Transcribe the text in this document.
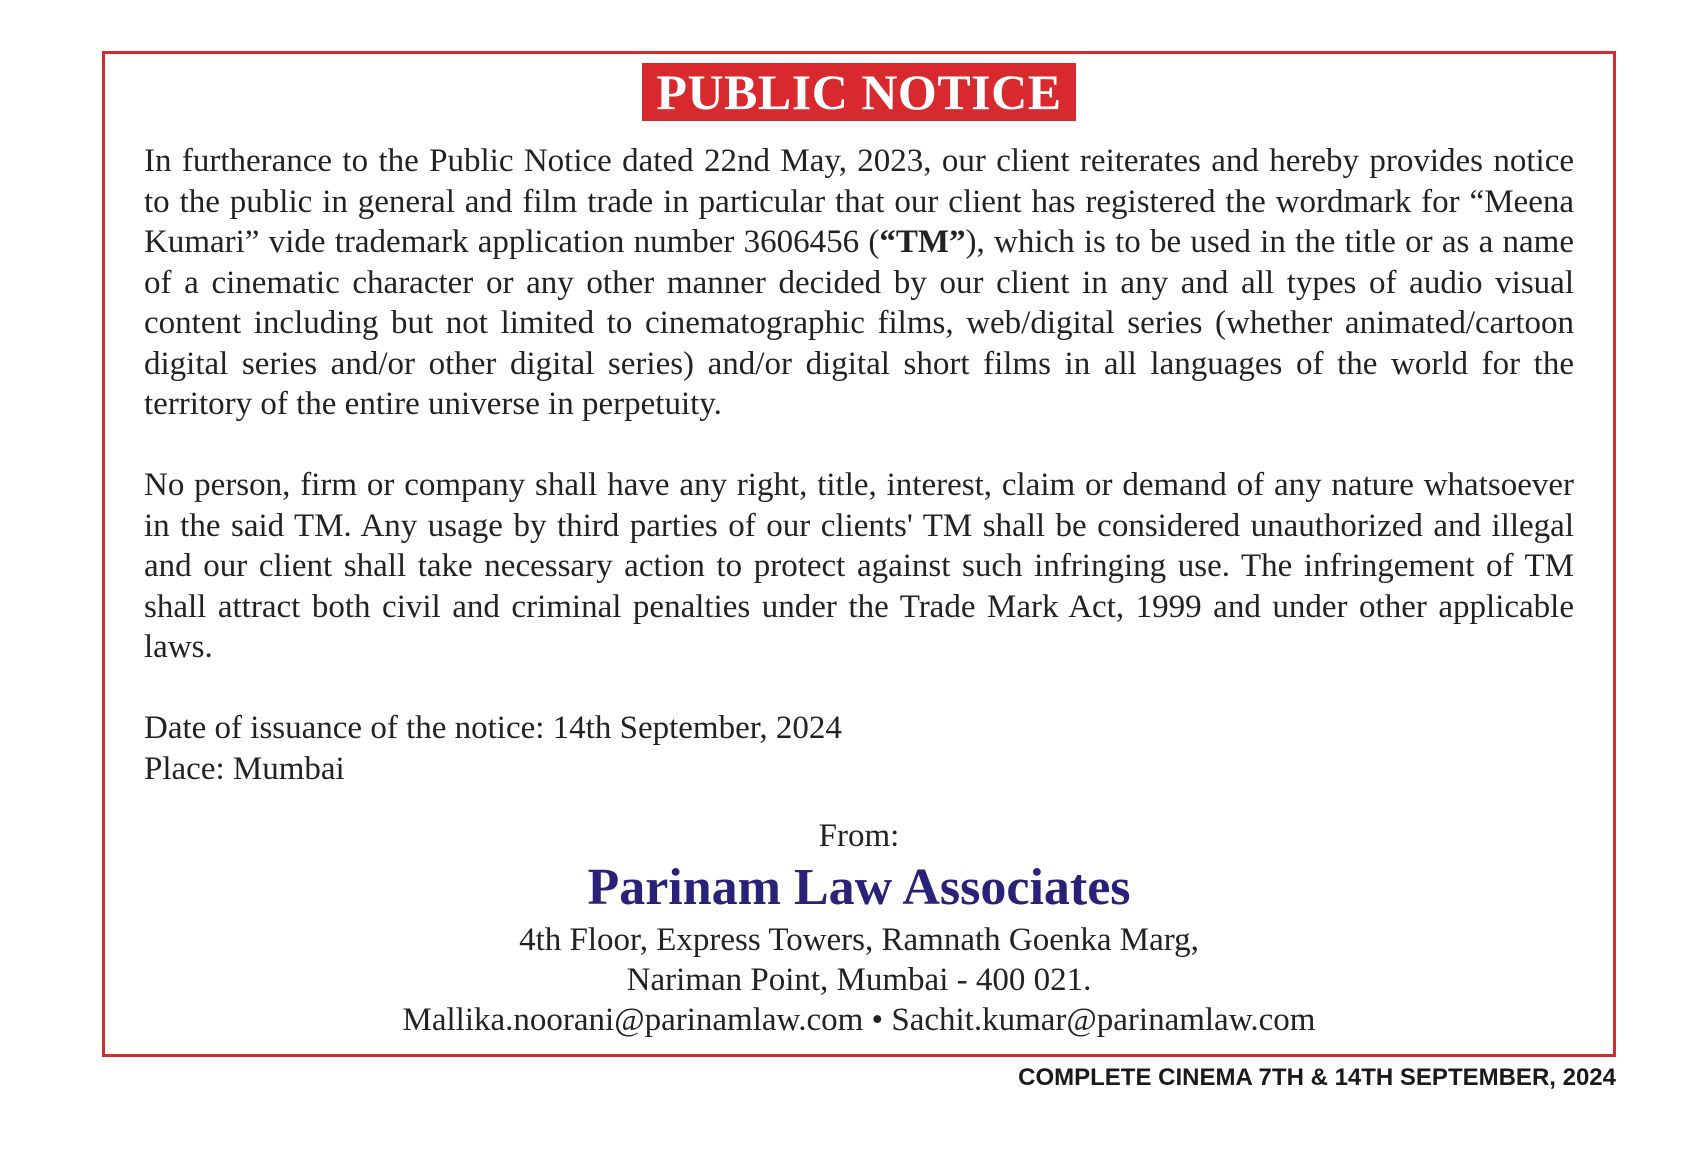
PUBLIC NOTICE

In furtherance to the Public Notice dated 22nd May, 2023, our client reiterates and hereby provides notice to the public in general and film trade in particular that our client has registered the wordmark for “Meena Kumari” vide trademark application number 3606456 (“TM”), which is to be used in the title or as a name of a cinematic character or any other manner decided by our client in any and all types of audio visual content including but not limited to cinematographic films, web/digital series (whether animated/cartoon digital series and/or other digital series) and/or digital short films in all languages of the world for the territory of the entire universe in perpetuity.

No person, firm or company shall have any right, title, interest, claim or demand of any nature whatsoever in the said TM. Any usage by third parties of our clients' TM shall be considered unauthorized and illegal and our client shall take necessary action to protect against such infringing use. The infringement of TM shall attract both civil and criminal penalties under the Trade Mark Act, 1999 and under other applicable laws.

Date of issuance of the notice: 14th September, 2024
Place: Mumbai
From:
Parinam Law Associates
4th Floor, Express Towers, Ramnath Goenka Marg,
Nariman Point, Mumbai - 400 021.
Mallika.noorani@parinamlaw.com • Sachit.kumar@parinamlaw.com
COMPLETE CINEMA 7TH & 14TH SEPTEMBER, 2024
